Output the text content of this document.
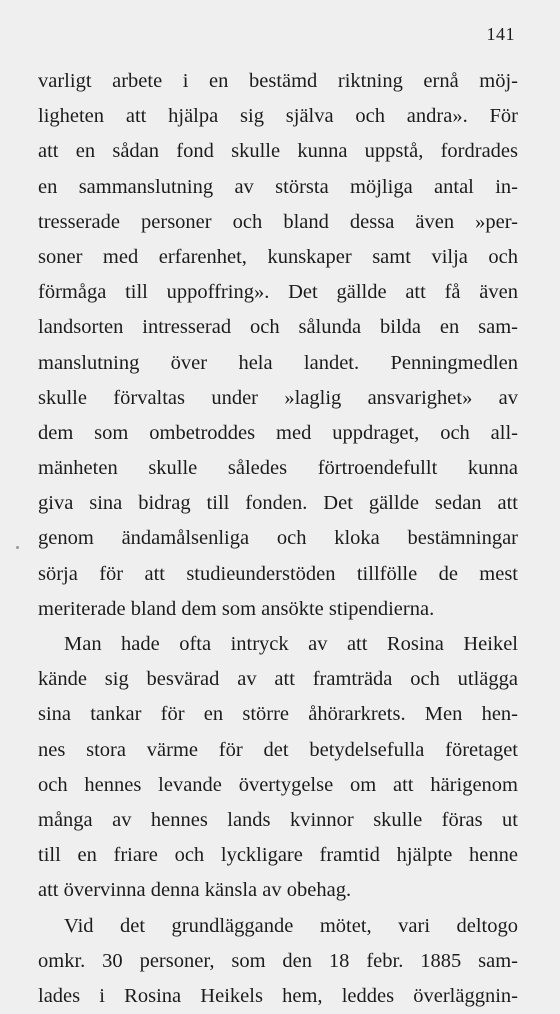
141
varligt arbete i en bestämd riktning ernå möj-
ligheten att hjälpa sig själva och andra». För
att en sådan fond skulle kunna uppstå, fordrades
en sammanslutning av största möjliga antal in-
tresserade personer och bland dessa även »per-
soner med erfarenhet, kunskaper samt vilja och
förmåga till uppoffring». Det gällde att få även
landsorten intresserad och sålunda bilda en sam-
manslutning över hela landet. Penningmedlen
skulle förvaltas under »laglig ansvarighet» av
dem som ombetroddes med uppdraget, och all-
mänheten skulle således förtroendefullt kunna
giva sina bidrag till fonden. Det gällde sedan att
genom ändamålsenliga och kloka bestämningar
sörja för att studieunderstöden tillfölle de mest
meriterade bland dem som ansökte stipendierna.
Man hade ofta intryck av att Rosina Heikel
kände sig besvärad av att framträda och utlägga
sina tankar för en större åhörarkrets. Men hen-
nes stora värme för det betydelsefulla företaget
och hennes levande övertygelse om att härigenom
många av hennes lands kvinnor skulle föras ut
till en friare och lyckligare framtid hjälpte henne
att övervinna denna känsla av obehag.
Vid det grundläggande mötet, vari deltogo
omkr. 30 personer, som den 18 febr. 1885 sam-
lades i Rosina Heikels hem, leddes överläggnin-
